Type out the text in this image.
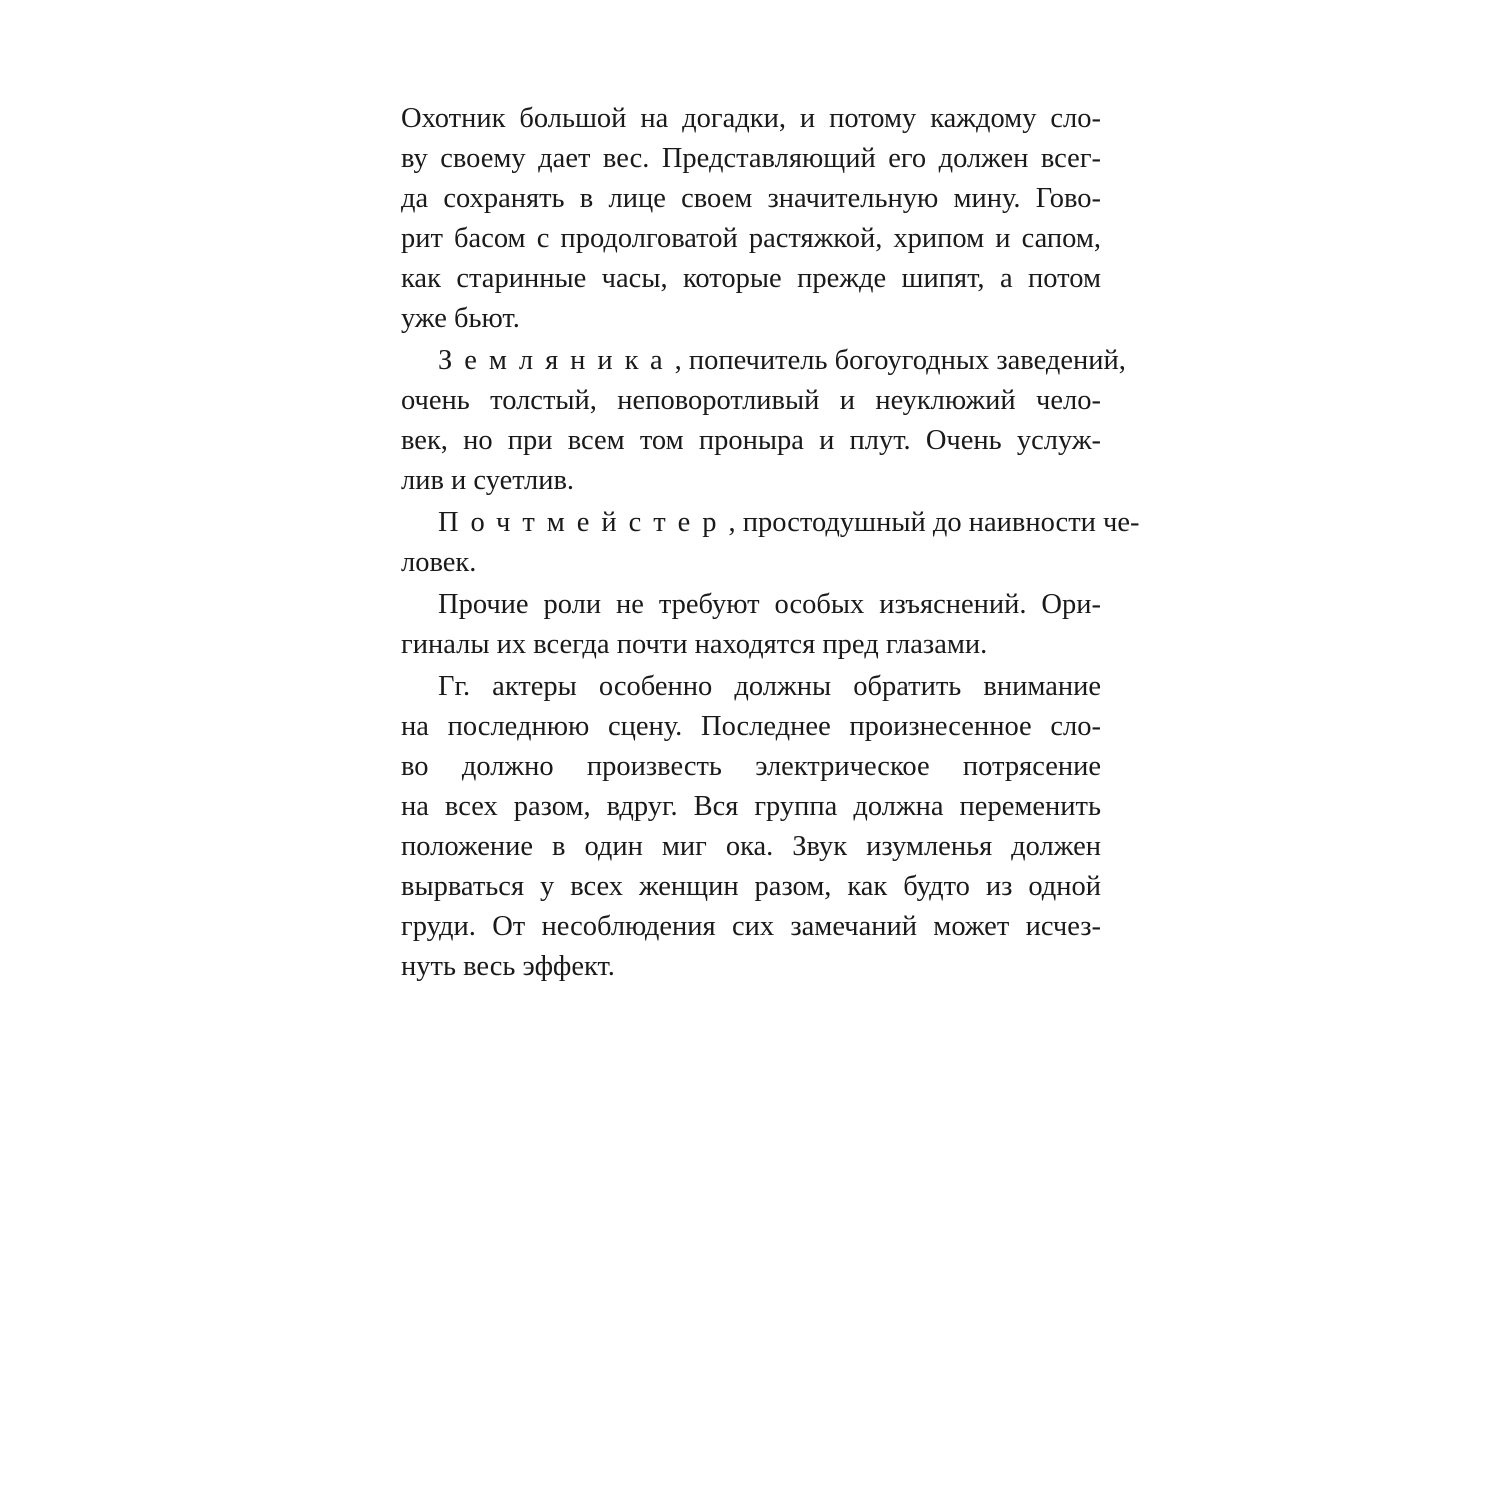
Охотник большой на догадки, и потому каждому сло-
ву своему дает вес. Представляющий его должен всег-
да сохранять в лице своем значительную мину. Гово-
рит басом с продолговатой растяжкой, хрипом и сапом,
как старинные часы, которые прежде шипят, а потом
уже бьют.
Земляника, попечитель богоугодных заведений,
очень толстый, неповоротливый и неуклюжий чело-
век, но при всем том проныра и плут. Очень услуж-
лив и суетлив.
Почтмейстер, простодушный до наивности че-
ловек.
Прочие роли не требуют особых изъяснений. Ори-
гиналы их всегда почти находятся пред глазами.
Гг. актеры особенно должны обратить внимание
на последнюю сцену. Последнее произнесенное сло-
во должно произвесть электрическое потрясение
на всех разом, вдруг. Вся группа должна переменить
положение в один миг ока. Звук изумленья должен
вырваться у всех женщин разом, как будто из одной
груди. От несоблюдения сих замечаний может исчез-
нуть весь эффект.
